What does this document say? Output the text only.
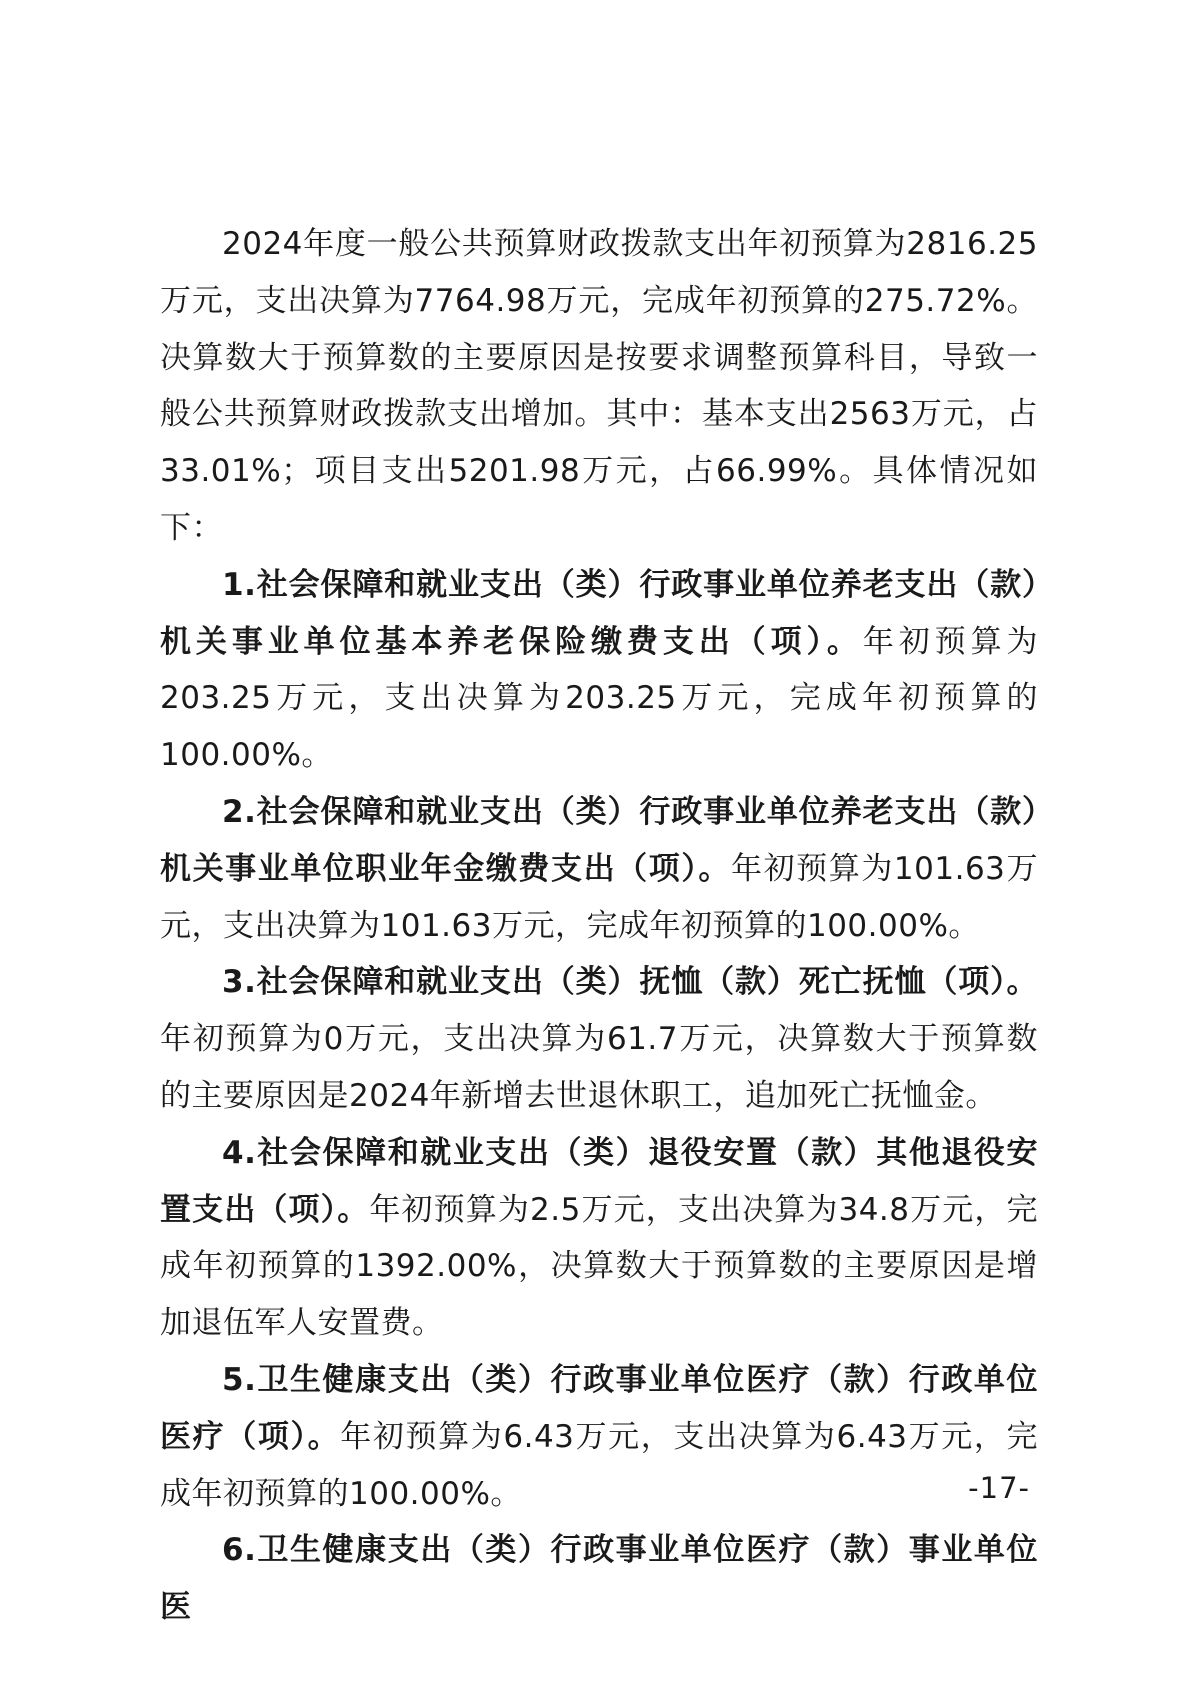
2024年度一般公共预算财政拨款支出年初预算为2816.25万元，支出决算为7764.98万元，完成年初预算的275.72%。决算数大于预算数的主要原因是按要求调整预算科目，导致一般公共预算财政拨款支出增加。其中：基本支出2563万元，占33.01%；项目支出5201.98万元，占66.99%。具体情况如下：

1.社会保障和就业支出（类）行政事业单位养老支出（款）机关事业单位基本养老保险缴费支出（项）。年初预算为203.25万元，支出决算为203.25万元，完成年初预算的100.00%。

2.社会保障和就业支出（类）行政事业单位养老支出（款）机关事业单位职业年金缴费支出（项）。年初预算为101.63万元，支出决算为101.63万元，完成年初预算的100.00%。

3.社会保障和就业支出（类）抚恤（款）死亡抚恤（项）。年初预算为0万元，支出决算为61.7万元，决算数大于预算数的主要原因是2024年新增去世退休职工，追加死亡抚恤金。

4.社会保障和就业支出（类）退役安置（款）其他退役安置支出（项）。年初预算为2.5万元，支出决算为34.8万元，完成年初预算的1392.00%，决算数大于预算数的主要原因是增加退伍军人安置费。

5.卫生健康支出（类）行政事业单位医疗（款）行政单位医疗（项）。年初预算为6.43万元，支出决算为6.43万元，完成年初预算的100.00%。

6.卫生健康支出（类）行政事业单位医疗（款）事业单位医

-17-
